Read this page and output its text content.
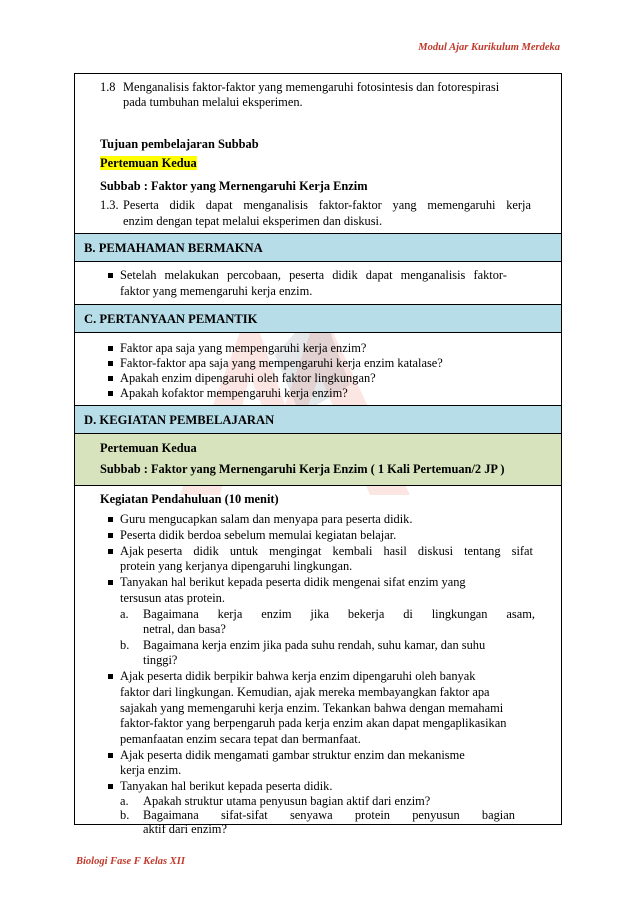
Modul Ajar Kurikulum Merdeka
1.8 Menganalisis faktor-faktor yang memengaruhi fotosintesis dan fotorespirasi
pada tumbuhan melalui eksperimen.
Tujuan pembelajaran Subbab
Pertemuan Kedua
Subbab : Faktor yang Mernengaruhi Kerja Enzim
1.3. Peserta didik dapat menganalisis faktor-faktor yang memengaruhi kerja
enzim dengan tepat melalui eksperimen dan diskusi.
B. PEMAHAMAN BERMAKNA
Setelah melakukan percobaan, peserta didik dapat menganalisis faktor-
faktor yang memengaruhi kerja enzim.
C. PERTANYAAN PEMANTIK
Faktor apa saja yang mempengaruhi kerja enzim?
Faktor-faktor apa saja yang mempengaruhi kerja enzim katalase?
Apakah enzim dipengaruhi oleh faktor lingkungan?
Apakah kofaktor mempengaruhi kerja enzim?
D. KEGIATAN PEMBELAJARAN
Pertemuan Kedua
Subbab : Faktor yang Mernengaruhi Kerja Enzim ( 1 Kali Pertemuan/2 JP )
Kegiatan Pendahuluan (10 menit)
Guru mengucapkan salam dan menyapa para peserta didik.
Peserta didik berdoa sebelum memulai kegiatan belajar.
Ajak peserta didik untuk mengingat kembali hasil diskusi tentang sifat
protein yang kerjanya dipengaruhi lingkungan.
Tanyakan hal berikut kepada peserta didik mengenai sifat enzim yang
tersusun atas protein.
a. Bagaimana kerja enzim jika bekerja di lingkungan asam,
netral, dan basa?
b. Bagaimana kerja enzim jika pada suhu rendah, suhu kamar, dan suhu
tinggi?
Ajak peserta didik berpikir bahwa kerja enzim dipengaruhi oleh banyak
faktor dari lingkungan. Kemudian, ajak mereka membayangkan faktor apa
sajakah yang memengaruhi kerja enzim. Tekankan bahwa dengan memahami
faktor-faktor yang berpengaruh pada kerja enzim akan dapat mengaplikasikan
pemanfaatan enzim secara tepat dan bermanfaat.
Ajak peserta didik mengamati gambar struktur enzim dan mekanisme
kerja enzim.
Tanyakan hal berikut kepada peserta didik.
a. Apakah struktur utama penyusun bagian aktif dari enzim?
b. Bagaimana sifat-sifat senyawa protein penyusun bagian
aktif dari enzim?
Biologi Fase F Kelas XII
